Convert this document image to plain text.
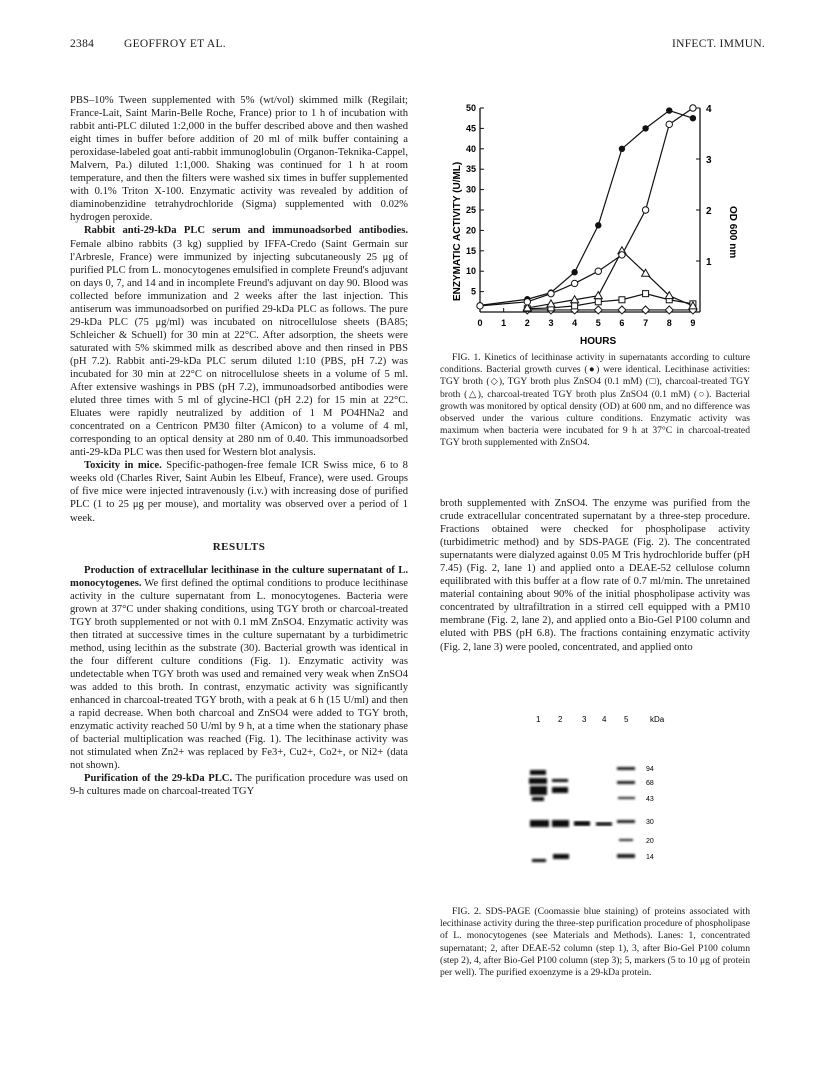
2384	GEOFFROY ET AL.	INFECT. IMMUN.

PBS–10% Tween supplemented with 5% (wt/vol) skimmed milk (Regilait; France-Lait, Saint Marin-Belle Roche, France) prior to 1 h of incubation with rabbit anti-PLC diluted 1:2,000 in the buffer described above and then washed eight times in buffer before addition of 20 ml of milk buffer containing a peroxidase-labeled goat anti-rabbit immunoglobulin (Organon-Teknika-Cappel, Malvern, Pa.) diluted 1:1,000. Shaking was continued for 1 h at room temperature, and then the filters were washed six times in buffer supplemented with 0.1% Triton X-100. Enzymatic activity was revealed by addition of diaminobenzidine tetrahydrochloride (Sigma) supplemented with 0.02% hydrogen peroxide.

Rabbit anti-29-kDa PLC serum and immunoadsorbed antibodies. Female albino rabbits (3 kg) supplied by IFFA-Credo (Saint Germain sur l'Arbresle, France) were immunized by injecting subcutaneously 25 μg of purified PLC from L. monocytogenes emulsified in complete Freund's adjuvant on days 0, 7, and 14 and in incomplete Freund's adjuvant on day 90. Blood was collected before immunization and 2 weeks after the last injection. This antiserum was immunoadsorbed on purified 29-kDa PLC as follows. The pure 29-kDa PLC (75 μg/ml) was incubated on nitrocellulose sheets (BA85; Schleicher & Schuell) for 30 min at 22°C. After adsorption, the sheets were saturated with 5% skimmed milk as described above and then rinsed in PBS (pH 7.2). Rabbit anti-29-kDa PLC serum diluted 1:10 (PBS, pH 7.2) was incubated for 30 min at 22°C on nitrocellulose sheets in a volume of 5 ml. After extensive washings in PBS (pH 7.2), immunoadsorbed antibodies were eluted three times with 5 ml of glycine-HCl (pH 2.2) for 15 min at 22°C. Eluates were rapidly neutralized by addition of 1 M PO4HNa2 and concentrated on a Centricon PM30 filter (Amicon) to a volume of 4 ml, corresponding to an optical density at 280 nm of 0.40. This immunoadsorbed anti-29-kDa PLC was then used for Western blot analysis.

Toxicity in mice. Specific-pathogen-free female ICR Swiss mice, 6 to 8 weeks old (Charles River, Saint Aubin les Elbeuf, France), were used. Groups of five mice were injected intravenously (i.v.) with increasing dose of purified PLC (1 to 25 μg per mouse), and mortality was observed over a period of 1 week.

RESULTS

Production of extracellular lecithinase in the culture supernatant of L. monocytogenes. We first defined the optimal conditions to produce lecithinase activity in the culture supernatant from L. monocytogenes. Bacteria were grown at 37°C under shaking conditions, using TGY broth or charcoal-treated TGY broth supplemented or not with 0.1 mM ZnSO4. Enzymatic activity was then titrated at successive times in the culture supernatant by a turbidimetric method, using lecithin as the substrate (30). Bacterial growth was identical in the four different culture conditions (Fig. 1). Enzymatic activity was undetectable when TGY broth was used and remained very weak when ZnSO4 was added to this broth. In contrast, enzymatic activity was significantly enhanced in charcoal-treated TGY broth, with a peak at 6 h (15 U/ml) and then a rapid decrease. When both charcoal and ZnSO4 were added to TGY broth, enzymatic activity reached 50 U/ml by 9 h, at a time when the stationary phase of bacterial multiplication was reached (Fig. 1). The lecithinase activity was not stimulated when Zn2+ was replaced by Fe3+, Cu2+, Co2+, or Ni2+ (data not shown).

Purification of the 29-kDa PLC. The purification procedure was used on 9-h cultures made on charcoal-treated TGY

0 1 2 3 4 5 6 7 8 9
5
10
15
20
25
30
35
40
45
50
1
2
3
4
ENZYMATIC ACTIVITY (U/ML)	OD 600 nm
HOURS

FIG. 1. Kinetics of lecithinase activity in supernatants according to culture conditions. Bacterial growth curves (●) were identical. Lecithinase activities: TGY broth (◇), TGY broth plus ZnSO4 (0.1 mM) (□), charcoal-treated TGY broth (△), charcoal-treated TGY broth plus ZnSO4 (0.1 mM) (○). Bacterial growth was monitored by optical density (OD) at 600 nm, and no difference was observed under the various culture conditions. Enzymatic activity was maximum when bacteria were incubated for 9 h at 37°C in charcoal-treated TGY broth supplemented with ZnSO4.

broth supplemented with ZnSO4. The enzyme was purified from the crude extracellular concentrated supernatant by a three-step procedure. Fractions obtained were checked for phospholipase activity (turbidimetric method) and by SDS-PAGE (Fig. 2). The concentrated supernatants were dialyzed against 0.05 M Tris hydrochloride buffer (pH 7.45) (Fig. 2, lane 1) and applied onto a DEAE-52 cellulose column equilibrated with this buffer at a flow rate of 0.7 ml/min. The unretained material containing about 90% of the initial phospholipase activity was concentrated by ultrafiltration in a stirred cell equipped with a PM10 membrane (Fig. 2, lane 2), and applied onto a Bio-Gel P100 column and eluted with PBS (pH 6.8). The fractions containing enzymatic activity (Fig. 2, lane 3) were pooled, concentrated, and applied onto

1 2 3 4 5	kDa
94
68
43
30
20
14

FIG. 2. SDS-PAGE (Coomassie blue staining) of proteins associated with lecithinase activity during the three-step purification procedure of phospholipase of L. monocytogenes (see Materials and Methods). Lanes: 1, concentrated supernatant; 2, after DEAE-52 column (step 1), 3, after Bio-Gel P100 column (step 2), 4, after Bio-Gel P100 column (step 3); 5, markers (5 to 10 μg of protein per well). The purified exoenzyme is a 29-kDa protein.
